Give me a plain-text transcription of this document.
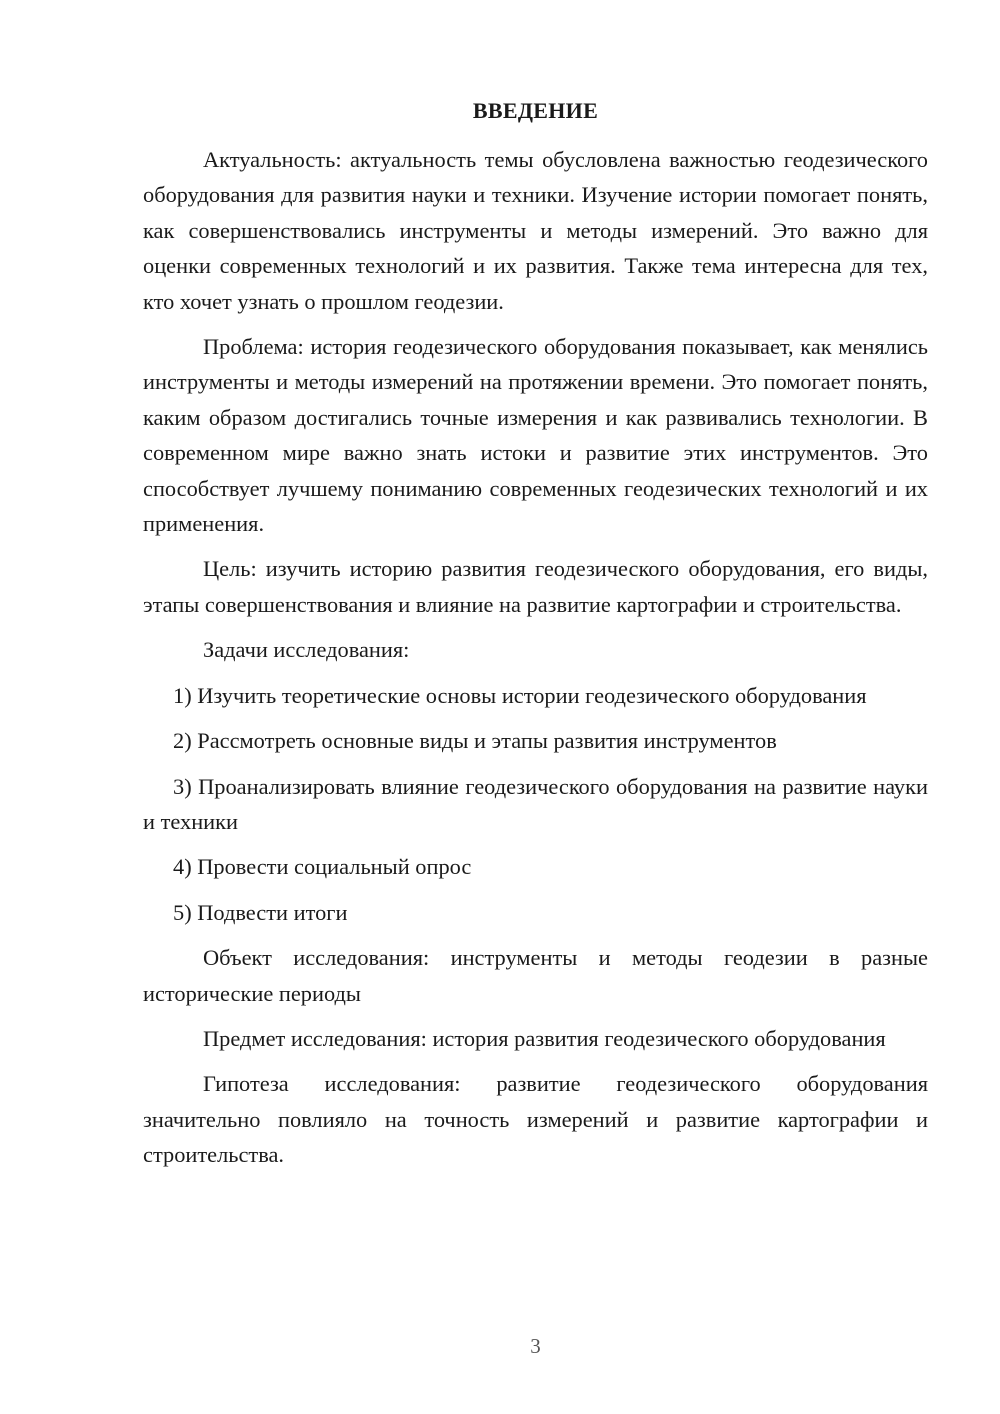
ВВЕДЕНИЕ

Актуальность: актуальность темы обусловлена важностью геодезического оборудования для развития науки и техники. Изучение истории помогает понять, как совершенствовались инструменты и методы измерений. Это важно для оценки современных технологий и их развития. Также тема интересна для тех, кто хочет узнать о прошлом геодезии.

Проблема: история геодезического оборудования показывает, как менялись инструменты и методы измерений на протяжении времени. Это помогает понять, каким образом достигались точные измерения и как развивались технологии. В современном мире важно знать истоки и развитие этих инструментов. Это способствует лучшему пониманию современных геодезических технологий и их применения.

Цель: изучить историю развития геодезического оборудования, его виды, этапы совершенствования и влияние на развитие картографии и строительства.

Задачи исследования:

1) Изучить теоретические основы истории геодезического оборудования

2) Рассмотреть основные виды и этапы развития инструментов

3) Проанализировать влияние геодезического оборудования на развитие науки и техники

4) Провести социальный опрос

5) Подвести итоги

Объект исследования: инструменты и методы геодезии в разные исторические периоды

Предмет исследования: история развития геодезического оборудования

Гипотеза исследования: развитие геодезического оборудования значительно повлияло на точность измерений и развитие картографии и строительства.

3
